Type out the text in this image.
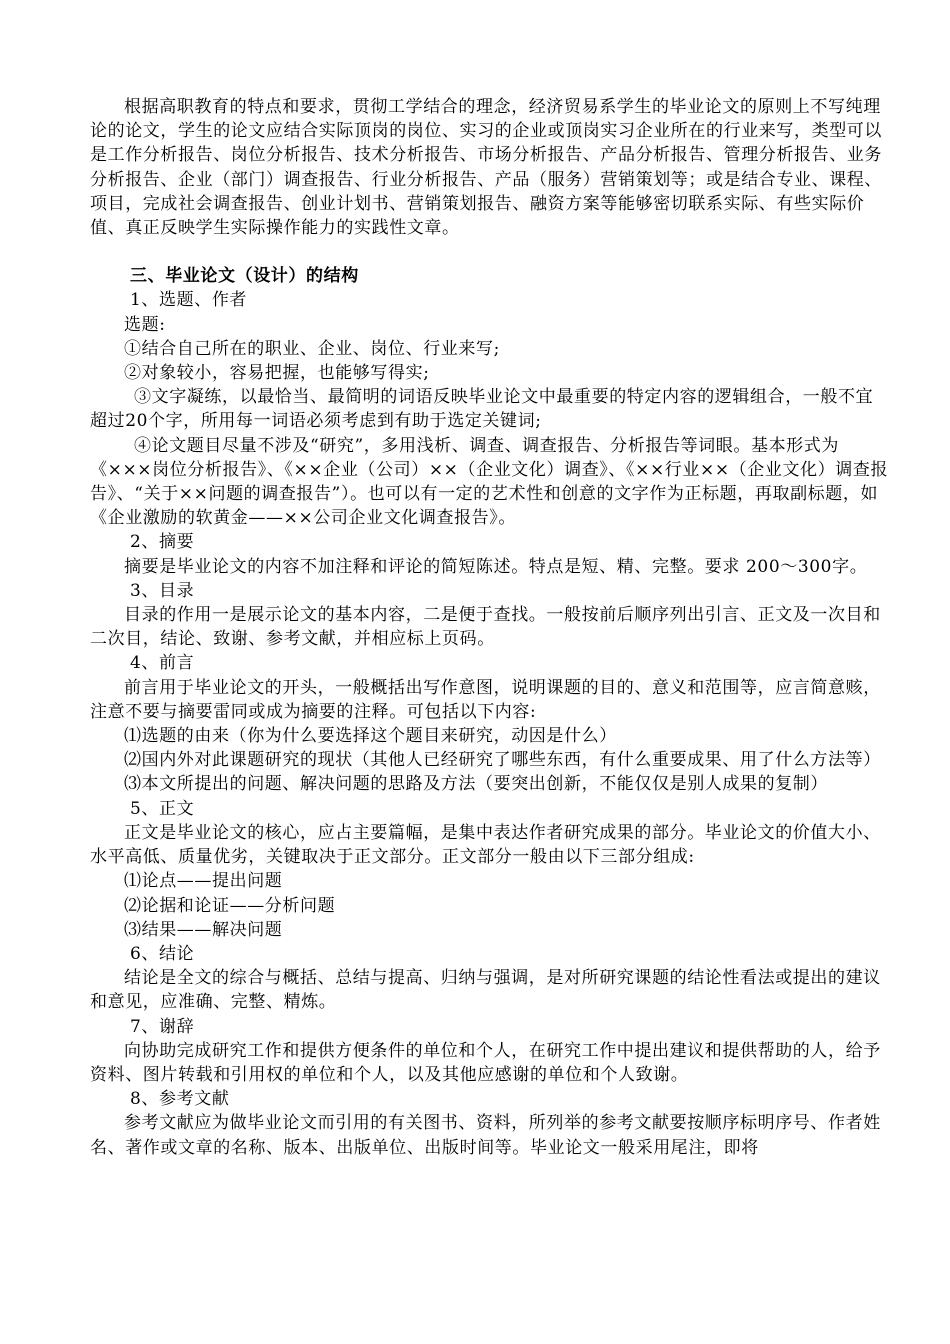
根据高职教育的特点和要求，贯彻工学结合的理念，经济贸易系学生的毕业论文的原则上不写纯理论的论文，学生的论文应结合实际顶岗的岗位、实习的企业或顶岗实习企业所在的行业来写，类型可以是工作分析报告、岗位分析报告、技术分析报告、市场分析报告、产品分析报告、管理分析报告、业务分析报告、企业（部门）调查报告、行业分析报告、产品（服务）营销策划等；或是结合专业、课程、项目，完成社会调查报告、创业计划书、营销策划报告、融资方案等能够密切联系实际、有些实际价值、真正反映学生实际操作能力的实践性文章。

三、毕业论文（设计）的结构

1、选题、作者

选题:

①结合自己所在的职业、企业、岗位、行业来写;

②对象较小，容易把握，也能够写得实;

③文字凝练，以最恰当、最简明的词语反映毕业论文中最重要的特定内容的逻辑组合，一般不宜超过20个字，所用每一词语必须考虑到有助于选定关键词;

④论文题目尽量不涉及“研究”，多用浅析、调查、调查报告、分析报告等词眼。基本形式为《×××岗位分析报告》、《××企业（公司）××（企业文化）调查》、《××行业××（企业文化）调查报告》、“关于××问题的调查报告”）。也可以有一定的艺术性和创意的文字作为正标题，再取副标题，如《企业激励的软黄金——××公司企业文化调查报告》。

2、摘要

摘要是毕业论文的内容不加注释和评论的简短陈述。特点是短、精、完整。要求 200～300字。

3、目录

目录的作用一是展示论文的基本内容，二是便于查找。一般按前后顺序列出引言、正文及一次目和二次目，结论、致谢、参考文献，并相应标上页码。

4、前言

前言用于毕业论文的开头，一般概括出写作意图，说明课题的目的、意义和范围等，应言简意赅，注意不要与摘要雷同或成为摘要的注释。可包括以下内容:

⑴选题的由来（你为什么要选择这个题目来研究，动因是什么）

⑵国内外对此课题研究的现状（其他人已经研究了哪些东西，有什么重要成果、用了什么方法等）

⑶本文所提出的问题、解决问题的思路及方法（要突出创新，不能仅仅是别人成果的复制）

5、正文

正文是毕业论文的核心，应占主要篇幅，是集中表达作者研究成果的部分。毕业论文的价值大小、水平高低、质量优劣，关键取决于正文部分。正文部分一般由以下三部分组成:

⑴论点——提出问题

⑵论据和论证——分析问题

⑶结果——解决问题

6、结论

结论是全文的综合与概括、总结与提高、归纳与强调，是对所研究课题的结论性看法或提出的建议和意见，应准确、完整、精炼。

7、谢辞

向协助完成研究工作和提供方便条件的单位和个人，在研究工作中提出建议和提供帮助的人，给予资料、图片转载和引用权的单位和个人，以及其他应感谢的单位和个人致谢。

8、参考文献

参考文献应为做毕业论文而引用的有关图书、资料，所列举的参考文献要按顺序标明序号、作者姓名、著作或文章的名称、版本、出版单位、出版时间等。毕业论文一般采用尾注，即将
